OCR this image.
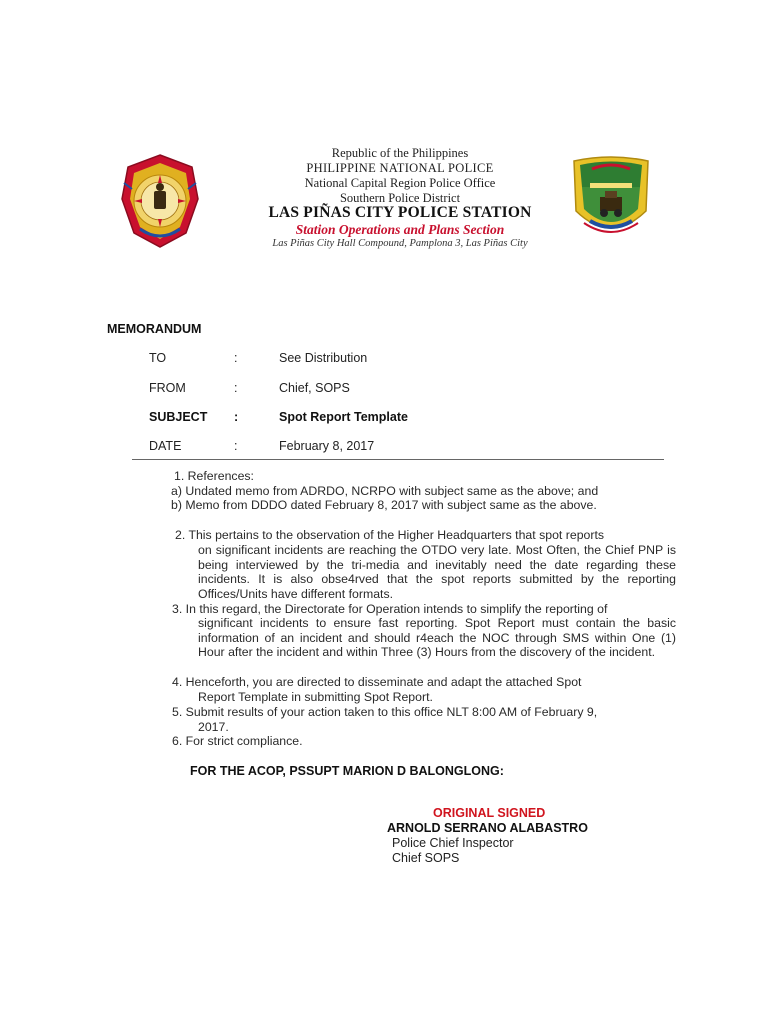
Republic of the Philippines
PHILIPPINE NATIONAL POLICE
National Capital Region Police Office
Southern Police District
LAS PIÑAS CITY POLICE STATION
Station Operations and Plans Section
Las Piñas City Hall Compound, Pamplona 3, Las Piñas City
MEMORANDUM
TO	:	See Distribution
FROM	:	Chief, SOPS
SUBJECT :	Spot Report Template
DATE	:	February 8, 2017
1. References:
a) Undated memo from ADRDO, NCRPO with subject same as the above; and
b) Memo from DDDO dated February 8, 2017 with subject same as the above.
2. This pertains to the observation of the Higher Headquarters that spot reports
on significant incidents are reaching the OTDO very late. Most Often, the Chief PNP is being interviewed by the tri-media and inevitably need the date regarding these incidents. It is also obse4rved that the spot reports submitted by the reporting Offices/Units have different formats.
3. In this regard, the Directorate for Operation intends to simplify the reporting of
significant incidents to ensure fast reporting. Spot Report must contain the basic information of an incident and should r4each the NOC through SMS within One (1) Hour after the incident and within Three (3) Hours from the discovery of the incident.
4. Henceforth, you are directed to disseminate and adapt the attached Spot
Report Template in submitting Spot Report.
5. Submit results of your action taken to this office NLT 8:00 AM of February 9,
2017.
6. For strict compliance.
FOR THE ACOP, PSSUPT MARION D BALONGLONG:
ORIGINAL SIGNED
ARNOLD SERRANO ALABASTRO
Police Chief Inspector
Chief SOPS
